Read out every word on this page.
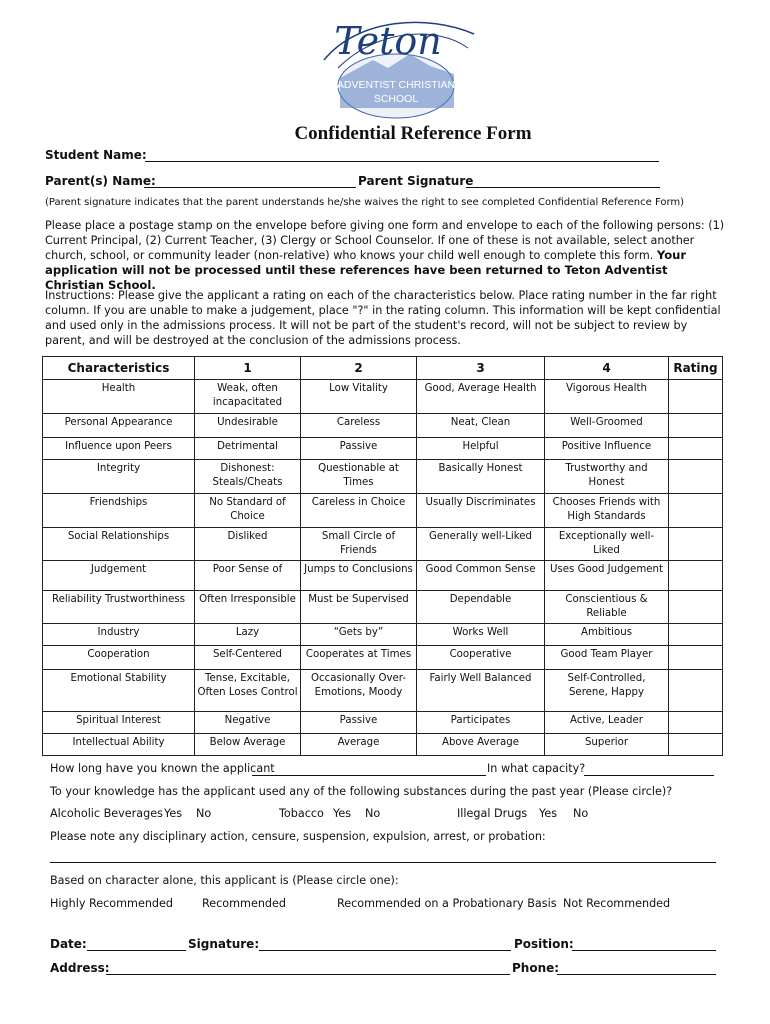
Teton
ADVENTIST CHRISTIAN
SCHOOL
Confidential Reference Form
Student Name:
Parent(s) Name:	Parent Signature
(Parent signature indicates that the parent understands he/she waives the right to see completed Confidential Reference Form)
Please place a postage stamp on the envelope before giving one form and envelope to each of the following persons: (1) Current Principal, (2) Current Teacher, (3) Clergy or School Counselor. If one of these is not available, select another church, school, or community leader (non-relative) who knows your child well enough to complete this form. Your application will not be processed until these references have been returned to Teton Adventist Christian School.
Instructions: Please give the applicant a rating on each of the characteristics below. Place rating number in the far right column. If you are unable to make a judgement, place "?" in the rating column. This information will be kept confidential and used only in the admissions process. It will not be part of the student's record, will not be subject to review by parent, and will be destroyed at the conclusion of the admissions process.
Characteristics	1	2	3	4	Rating
Health	Weak, often incapacitated	Low Vitality	Good, Average Health	Vigorous Health	
Personal Appearance	Undesirable	Careless	Neat, Clean	Well-Groomed	
Influence upon Peers	Detrimental	Passive	Helpful	Positive Influence	
Integrity	Dishonest: Steals/Cheats	Questionable at Times	Basically Honest	Trustworthy and Honest	
Friendships	No Standard of Choice	Careless in Choice	Usually Discriminates	Chooses Friends with High Standards	
Social Relationships	Disliked	Small Circle of Friends	Generally well-Liked	Exceptionally well-Liked	
Judgement	Poor Sense of	Jumps to Conclusions	Good Common Sense	Uses Good Judgement	
Reliability Trustworthiness	Often Irresponsible	Must be Supervised	Dependable	Conscientious & Reliable	
Industry	Lazy	“Gets by”	Works Well	Ambitious	
Cooperation	Self-Centered	Cooperates at Times	Cooperative	Good Team Player	
Emotional Stability	Tense, Excitable, Often Loses Control	Occasionally Over-Emotions, Moody	Fairly Well Balanced	Self-Controlled, Serene, Happy	
Spiritual Interest	Negative	Passive	Participates	Active, Leader	
Intellectual Ability	Below Average	Average	Above Average	Superior	
How long have you known the applicant	In what capacity?
To your knowledge has the applicant used any of the following substances during the past year (Please circle)?
Alcoholic Beverages Yes No	Tobacco Yes No	Illegal Drugs Yes No
Please note any disciplinary action, censure, suspension, expulsion, arrest, or probation:
Based on character alone, this applicant is (Please circle one):
Highly Recommended	Recommended	Recommended on a Probationary Basis Not Recommended
Date:	Signature:	Position:
Address:	Phone:
